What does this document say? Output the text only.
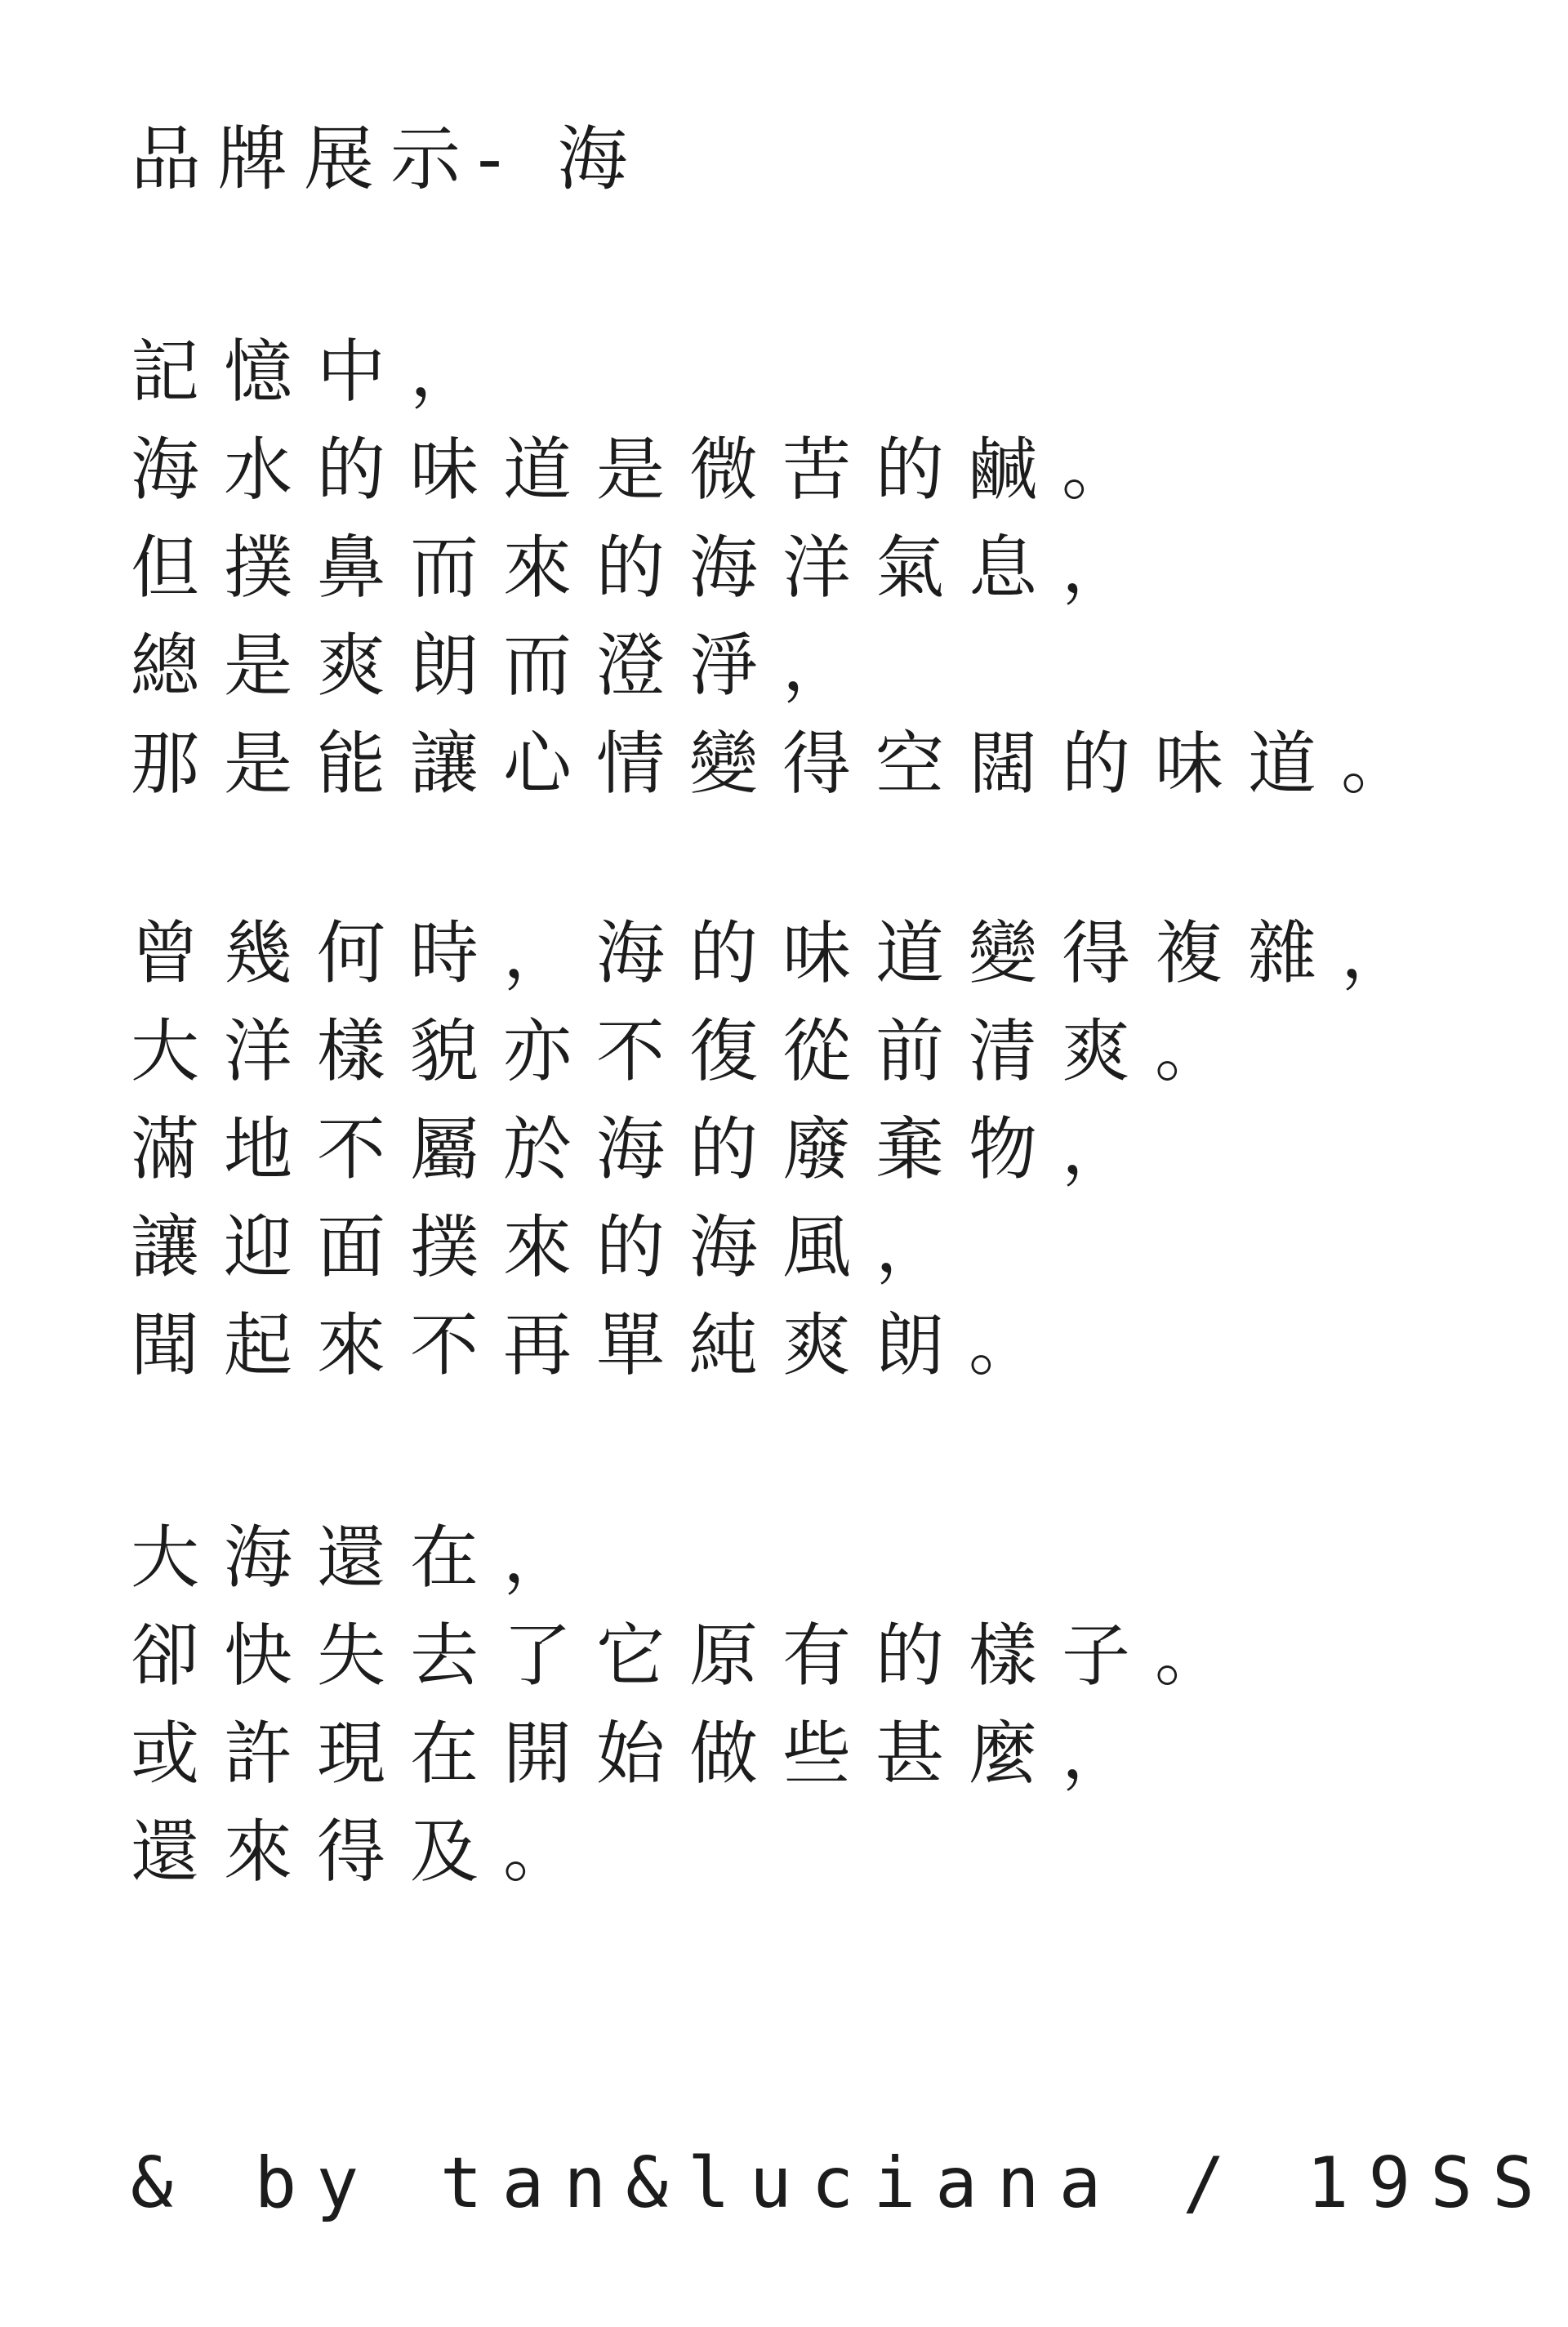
品牌展示- 海
記憶中，
海水的味道是微苦的鹹。
但撲鼻而來的海洋氣息，
總是爽朗而澄淨，
那是能讓心情變得空闊的味道。
曾幾何時，海的味道變得複雜，
大洋樣貌亦不復從前清爽。
滿地不屬於海的廢棄物，
讓迎面撲來的海風，
聞起來不再單純爽朗。
大海還在，
卻快失去了它原有的樣子。
或許現在開始做些甚麼，
還來得及。
& by tan&luciana / 19SS
